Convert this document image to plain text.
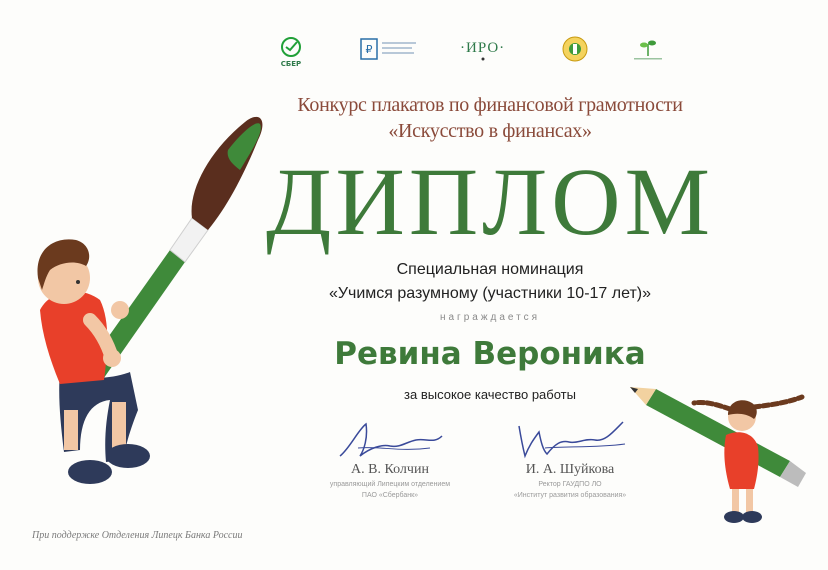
СБЕР
₽	·ИРО·
Конкурс плакатов по финансовой грамотности
«Искусство в финансах»
ДИПЛОМ
Специальная номинация
«Учимся разумному (участники 10-17 лет)»
награждается
Ревина Вероника
за высокое качество работы
А. В. Колчин
управляющий Липецким отделением
ПАО «Сбербанк»
И. А. Шуйкова
Ректор ГАУДПО ЛО
«Институт развития образования»
При поддержке Отделения Липецк Банка России
